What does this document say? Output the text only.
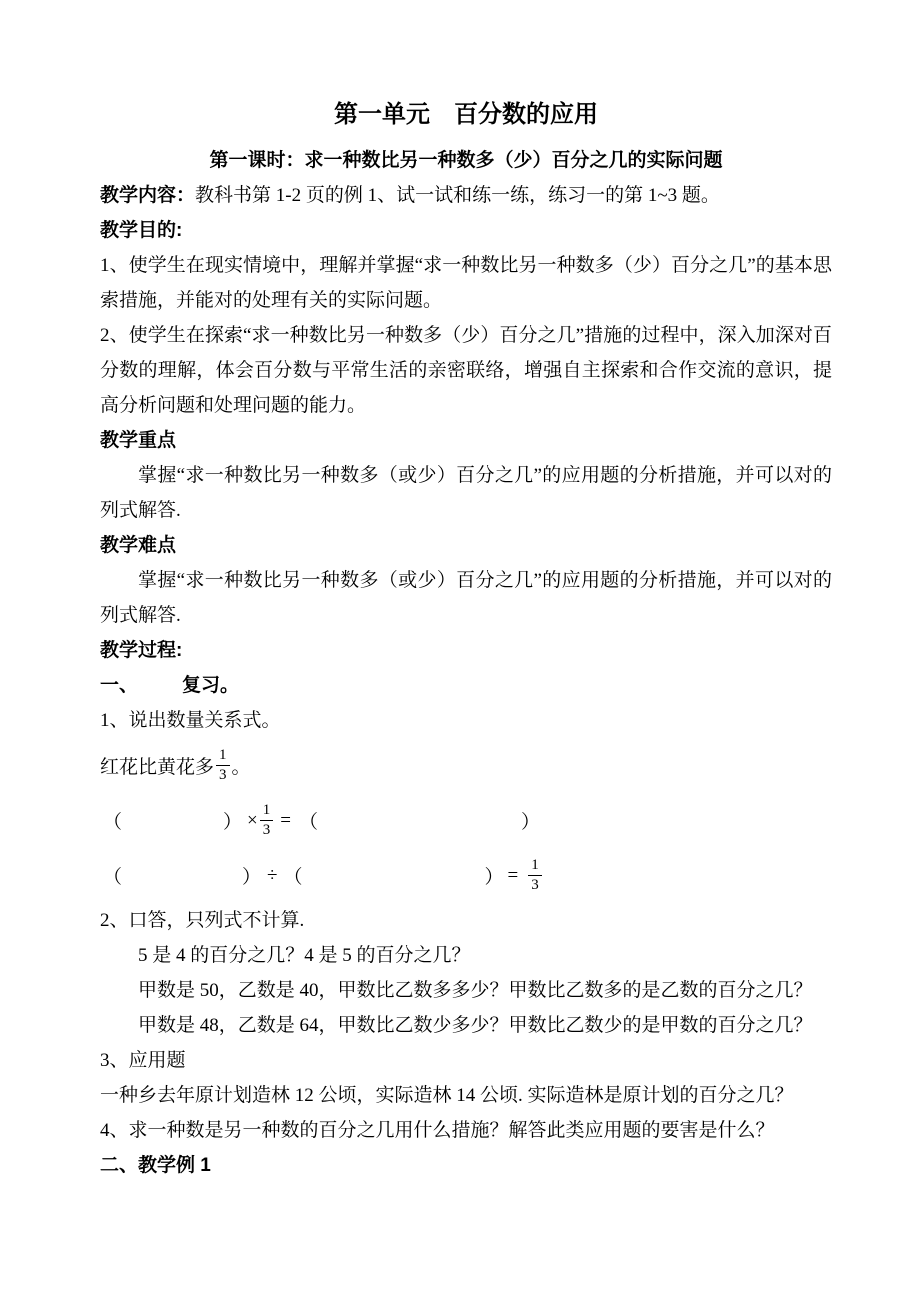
第一单元　百分数的应用
第一课时：求一种数比另一种数多（少）百分之几的实际问题

教学内容：教科书第 1-2 页的例 1、试一试和练一练，练习一的第 1~3 题。

教学目的:

1、使学生在现实情境中，理解并掌握“求一种数比另一种数多（少）百分之几”的基本思索措施，并能对的处理有关的实际问题。

2、使学生在探索“求一种数比另一种数多（少）百分之几”措施的过程中，深入加深对百分数的理解，体会百分数与平常生活的亲密联络，增强自主探索和合作交流的意识，提高分析问题和处理问题的能力。

教学重点

掌握“求一种数比另一种数多（或少）百分之几”的应用题的分析措施，并可以对的列式解答.

教学难点

掌握“求一种数比另一种数多（或少）百分之几”的应用题的分析措施，并可以对的列式解答.

教学过程:

一、 复习。

1、说出数量关系式。

红花比黄花多 $\frac{1}{3}$ 。
（	） × $\frac{1}{3}$ = （	）
（	） ÷ （	） = $\frac{1}{3}$

2、口答，只列式不计算.

5 是 4 的百分之几？4 是 5 的百分之几？

甲数是 50，乙数是 40，甲数比乙数多多少？甲数比乙数多的是乙数的百分之几？

甲数是 48，乙数是 64，甲数比乙数少多少？甲数比乙数少的是甲数的百分之几？

3、应用题

一种乡去年原计划造林 12 公顷，实际造林 14 公顷. 实际造林是原计划的百分之几？

4、求一种数是另一种数的百分之几用什么措施？解答此类应用题的要害是什么？

二、教学例 1
